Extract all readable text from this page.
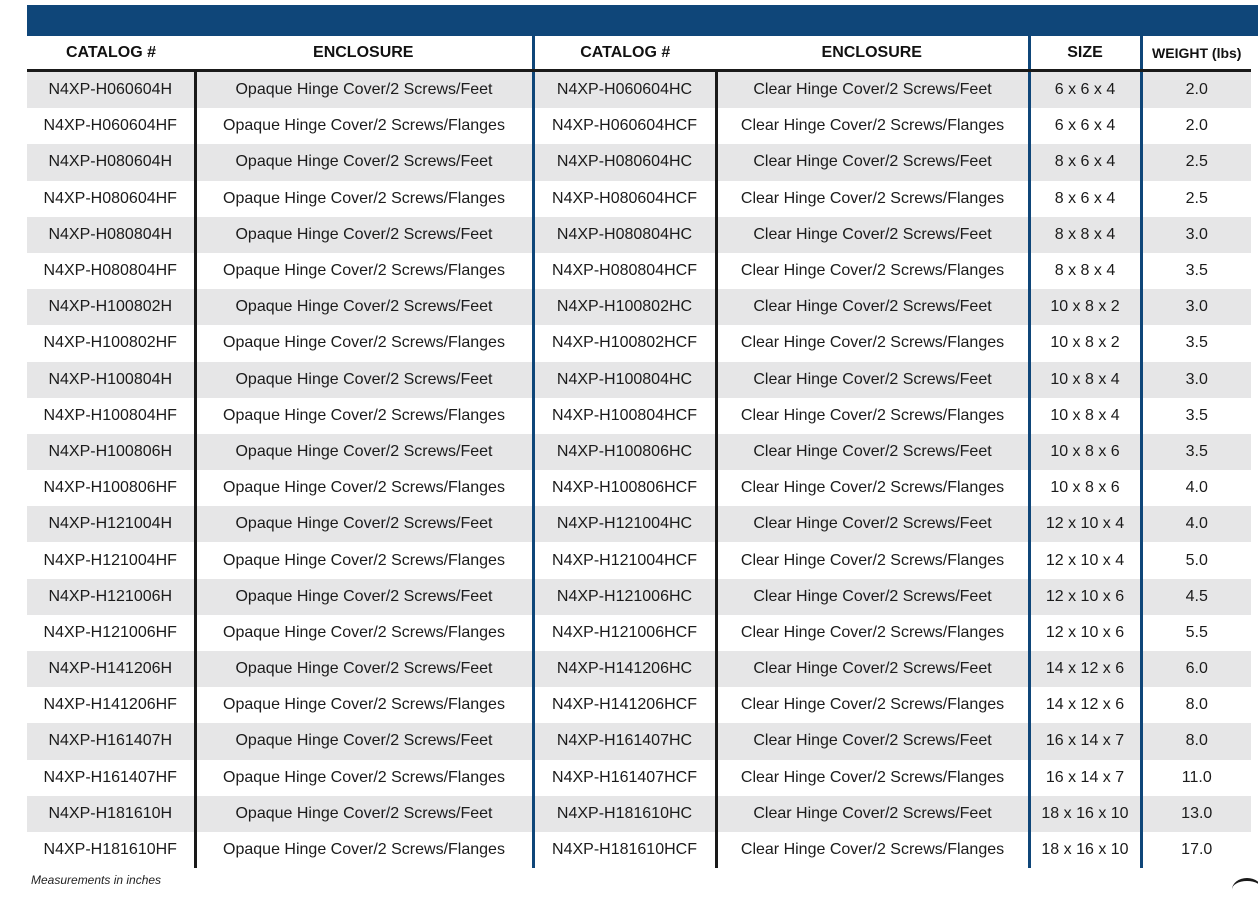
CATALOG #	ENCLOSURE	CATALOG #	ENCLOSURE	SIZE	WEIGHT (lbs)
N4XP-H060604H	Opaque Hinge Cover/2 Screws/Feet	N4XP-H060604HC	Clear Hinge Cover/2 Screws/Feet	6 x 6 x 4	2.0
N4XP-H060604HF	Opaque Hinge Cover/2 Screws/Flanges	N4XP-H060604HCF	Clear Hinge Cover/2 Screws/Flanges	6 x 6 x 4	2.0
N4XP-H080604H	Opaque Hinge Cover/2 Screws/Feet	N4XP-H080604HC	Clear Hinge Cover/2 Screws/Feet	8 x 6 x 4	2.5
N4XP-H080604HF	Opaque Hinge Cover/2 Screws/Flanges	N4XP-H080604HCF	Clear Hinge Cover/2 Screws/Flanges	8 x 6 x 4	2.5
N4XP-H080804H	Opaque Hinge Cover/2 Screws/Feet	N4XP-H080804HC	Clear Hinge Cover/2 Screws/Feet	8 x 8 x 4	3.0
N4XP-H080804HF	Opaque Hinge Cover/2 Screws/Flanges	N4XP-H080804HCF	Clear Hinge Cover/2 Screws/Flanges	8 x 8 x 4	3.5
N4XP-H100802H	Opaque Hinge Cover/2 Screws/Feet	N4XP-H100802HC	Clear Hinge Cover/2 Screws/Feet	10 x 8 x 2	3.0
N4XP-H100802HF	Opaque Hinge Cover/2 Screws/Flanges	N4XP-H100802HCF	Clear Hinge Cover/2 Screws/Flanges	10 x 8 x 2	3.5
N4XP-H100804H	Opaque Hinge Cover/2 Screws/Feet	N4XP-H100804HC	Clear Hinge Cover/2 Screws/Feet	10 x 8 x 4	3.0
N4XP-H100804HF	Opaque Hinge Cover/2 Screws/Flanges	N4XP-H100804HCF	Clear Hinge Cover/2 Screws/Flanges	10 x 8 x 4	3.5
N4XP-H100806H	Opaque Hinge Cover/2 Screws/Feet	N4XP-H100806HC	Clear Hinge Cover/2 Screws/Feet	10 x 8 x 6	3.5
N4XP-H100806HF	Opaque Hinge Cover/2 Screws/Flanges	N4XP-H100806HCF	Clear Hinge Cover/2 Screws/Flanges	10 x 8 x 6	4.0
N4XP-H121004H	Opaque Hinge Cover/2 Screws/Feet	N4XP-H121004HC	Clear Hinge Cover/2 Screws/Feet	12 x 10 x 4	4.0
N4XP-H121004HF	Opaque Hinge Cover/2 Screws/Flanges	N4XP-H121004HCF	Clear Hinge Cover/2 Screws/Flanges	12 x 10 x 4	5.0
N4XP-H121006H	Opaque Hinge Cover/2 Screws/Feet	N4XP-H121006HC	Clear Hinge Cover/2 Screws/Feet	12 x 10 x 6	4.5
N4XP-H121006HF	Opaque Hinge Cover/2 Screws/Flanges	N4XP-H121006HCF	Clear Hinge Cover/2 Screws/Flanges	12 x 10 x 6	5.5
N4XP-H141206H	Opaque Hinge Cover/2 Screws/Feet	N4XP-H141206HC	Clear Hinge Cover/2 Screws/Feet	14 x 12 x 6	6.0
N4XP-H141206HF	Opaque Hinge Cover/2 Screws/Flanges	N4XP-H141206HCF	Clear Hinge Cover/2 Screws/Flanges	14 x 12 x 6	8.0
N4XP-H161407H	Opaque Hinge Cover/2 Screws/Feet	N4XP-H161407HC	Clear Hinge Cover/2 Screws/Feet	16 x 14 x 7	8.0
N4XP-H161407HF	Opaque Hinge Cover/2 Screws/Flanges	N4XP-H161407HCF	Clear Hinge Cover/2 Screws/Flanges	16 x 14 x 7	11.0
N4XP-H181610H	Opaque Hinge Cover/2 Screws/Feet	N4XP-H181610HC	Clear Hinge Cover/2 Screws/Feet	18 x 16 x 10	13.0
N4XP-H181610HF	Opaque Hinge Cover/2 Screws/Flanges	N4XP-H181610HCF	Clear Hinge Cover/2 Screws/Flanges	18 x 16 x 10	17.0
Measurements in inches
